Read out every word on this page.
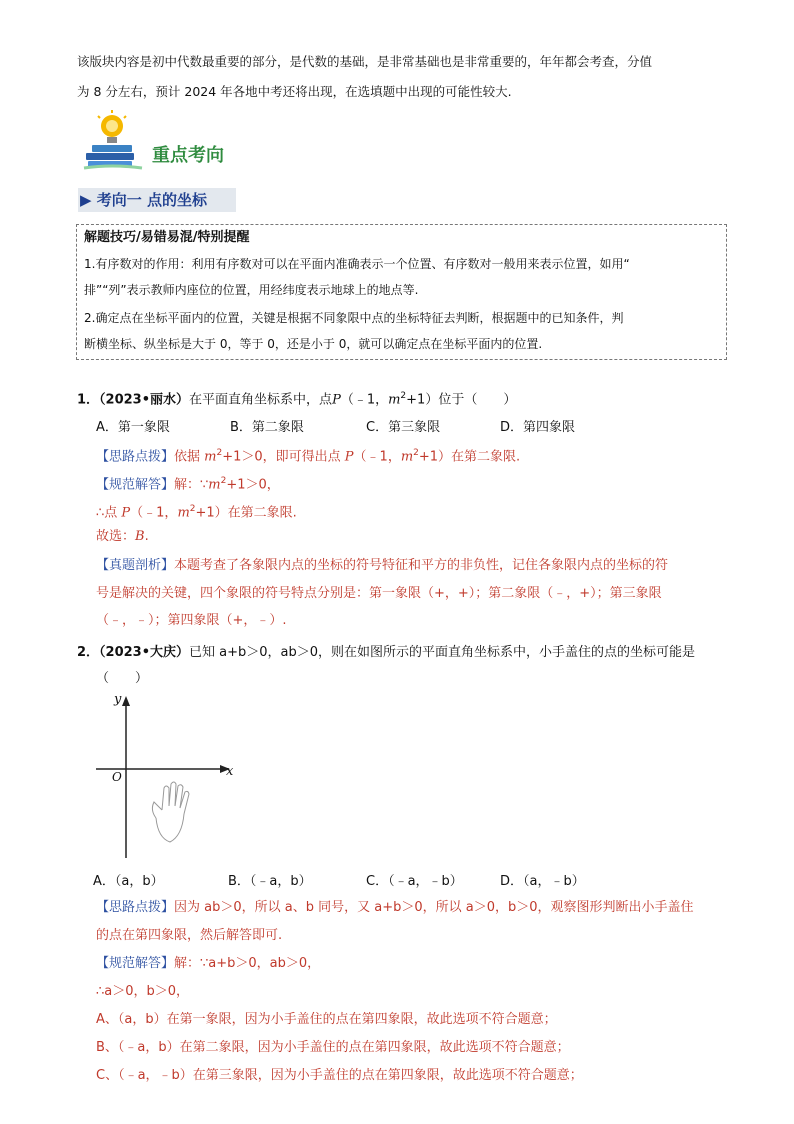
该版块内容是初中代数最重要的部分，是代数的基础，是非常基础也是非常重要的，年年都会考查，分值
为 8 分左右，预计 2024 年各地中考还将出现，在选填题中出现的可能性较大.
重点考向
▶ 考向一 点的坐标
解题技巧/易错易混/特别提醒
1.有序数对的作用：利用有序数对可以在平面内准确表示一个位置、有序数对一般用来表示位置，如用“
排”“列”表示教师内座位的位置，用经纬度表示地球上的地点等.
2.确定点在坐标平面内的位置，关键是根据不同象限中点的坐标特征去判断，根据题中的已知条件，判
断横坐标、纵坐标是大于 0，等于 0，还是小于 0，就可以确定点在坐标平面内的位置.
1．（2023•丽水）在平面直角坐标系中，点P（﹣1，$m^2+1$）位于（　　）
A．第一象限	B．第二象限	C．第三象限	D．第四象限
【思路点拨】依据 $m^2+1>0$，即可得出点 P（﹣1，$m^2+1$）在第二象限.
【规范解答】解：$\because m^2+1>0$，
∴点 P（﹣1，$m^2+1$）在第二象限.
故选：B.
【真题剖析】本题考查了各象限内点的坐标的符号特征和平方的非负性，记住各象限内点的坐标的符
号是解决的关键，四个象限的符号特点分别是：第一象限（+，+）；第二象限（﹣，+）；第三象限
（﹣，﹣）；第四象限（+，﹣）.
2．（2023•大庆）已知 a+b＞0，ab＞0，则在如图所示的平面直角坐标系中，小手盖住的点的坐标可能是
（　　）
y
x
O
A．（a，b）	B．（﹣a，b）	C．（﹣a，﹣b）	D．（a，﹣b）
【思路点拨】因为 ab＞0，所以 a、b 同号，又 a+b＞0，所以 a＞0，b＞0，观察图形判断出小手盖住
的点在第四象限，然后解答即可.
【规范解答】解：∵a+b＞0，ab＞0，
∴a＞0，b＞0，
A、（a，b）在第一象限，因为小手盖住的点在第四象限，故此选项不符合题意；
B、（﹣a，b）在第二象限，因为小手盖住的点在第四象限，故此选项不符合题意；
C、（﹣a，﹣b）在第三象限，因为小手盖住的点在第四象限，故此选项不符合题意；
